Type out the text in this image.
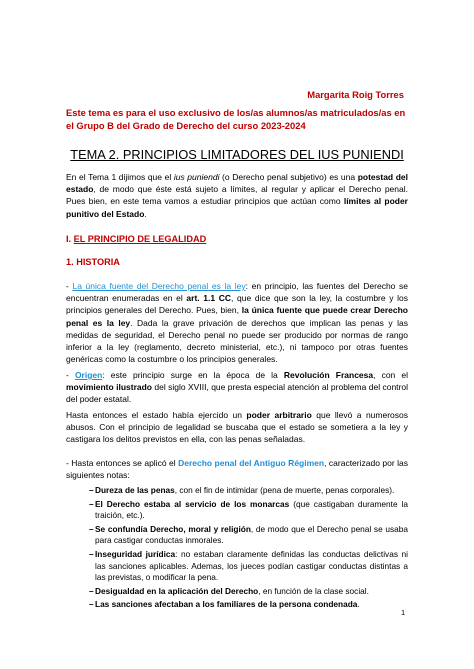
Margarita Roig Torres
Este tema es para el uso exclusivo de los/as alumnos/as matriculados/as en el Grupo B del Grado de Derecho del curso 2023-2024
TEMA 2. PRINCIPIOS LIMITADORES DEL IUS PUNIENDI
En el Tema 1 dijimos que el ius puniendi (o Derecho penal subjetivo) es una potestad del estado, de modo que éste está sujeto a límites, al regular y aplicar el Derecho penal. Pues bien, en este tema vamos a estudiar principios que actúan como límites al poder punitivo del Estado.
I. EL PRINCIPIO DE LEGALIDAD
1. HISTORIA
- La única fuente del Derecho penal es la ley: en principio, las fuentes del Derecho se encuentran enumeradas en el art. 1.1 CC, que dice que son la ley, la costumbre y los principios generales del Derecho. Pues, bien, la única fuente que puede crear Derecho penal es la ley. Dada la grave privación de derechos que implican las penas y las medidas de seguridad, el Derecho penal no puede ser producido por normas de rango inferior a la ley (reglamento, decreto ministerial, etc.), ni tampoco por otras fuentes genéricas como la costumbre o los principios generales.
- Origen: este principio surge en la época de la Revolución Francesa, con el movimiento ilustrado del siglo XVIII, que presta especial atención al problema del control del poder estatal.
Hasta entonces el estado había ejercido un poder arbitrario que llevó a numerosos abusos. Con el principio de legalidad se buscaba que el estado se sometiera a la ley y castigara los delitos previstos en ella, con las penas señaladas.
- Hasta entonces se aplicó el Derecho penal del Antiguo Régimen, caracterizado por las siguientes notas:
– Dureza de las penas, con el fin de intimidar (pena de muerte, penas corporales).
– El Derecho estaba al servicio de los monarcas (que castigaban duramente la traición, etc.).
– Se confundía Derecho, moral y religión, de modo que el Derecho penal se usaba para castigar conductas inmorales.
– Inseguridad jurídica: no estaban claramente definidas las conductas delictivas ni las sanciones aplicables. Ademas, los jueces podían castigar conductas distintas a las previstas, o modificar la pena.
– Desigualdad en la aplicación del Derecho, en función de la clase social.
– Las sanciones afectaban a los familiares de la persona condenada.
1
